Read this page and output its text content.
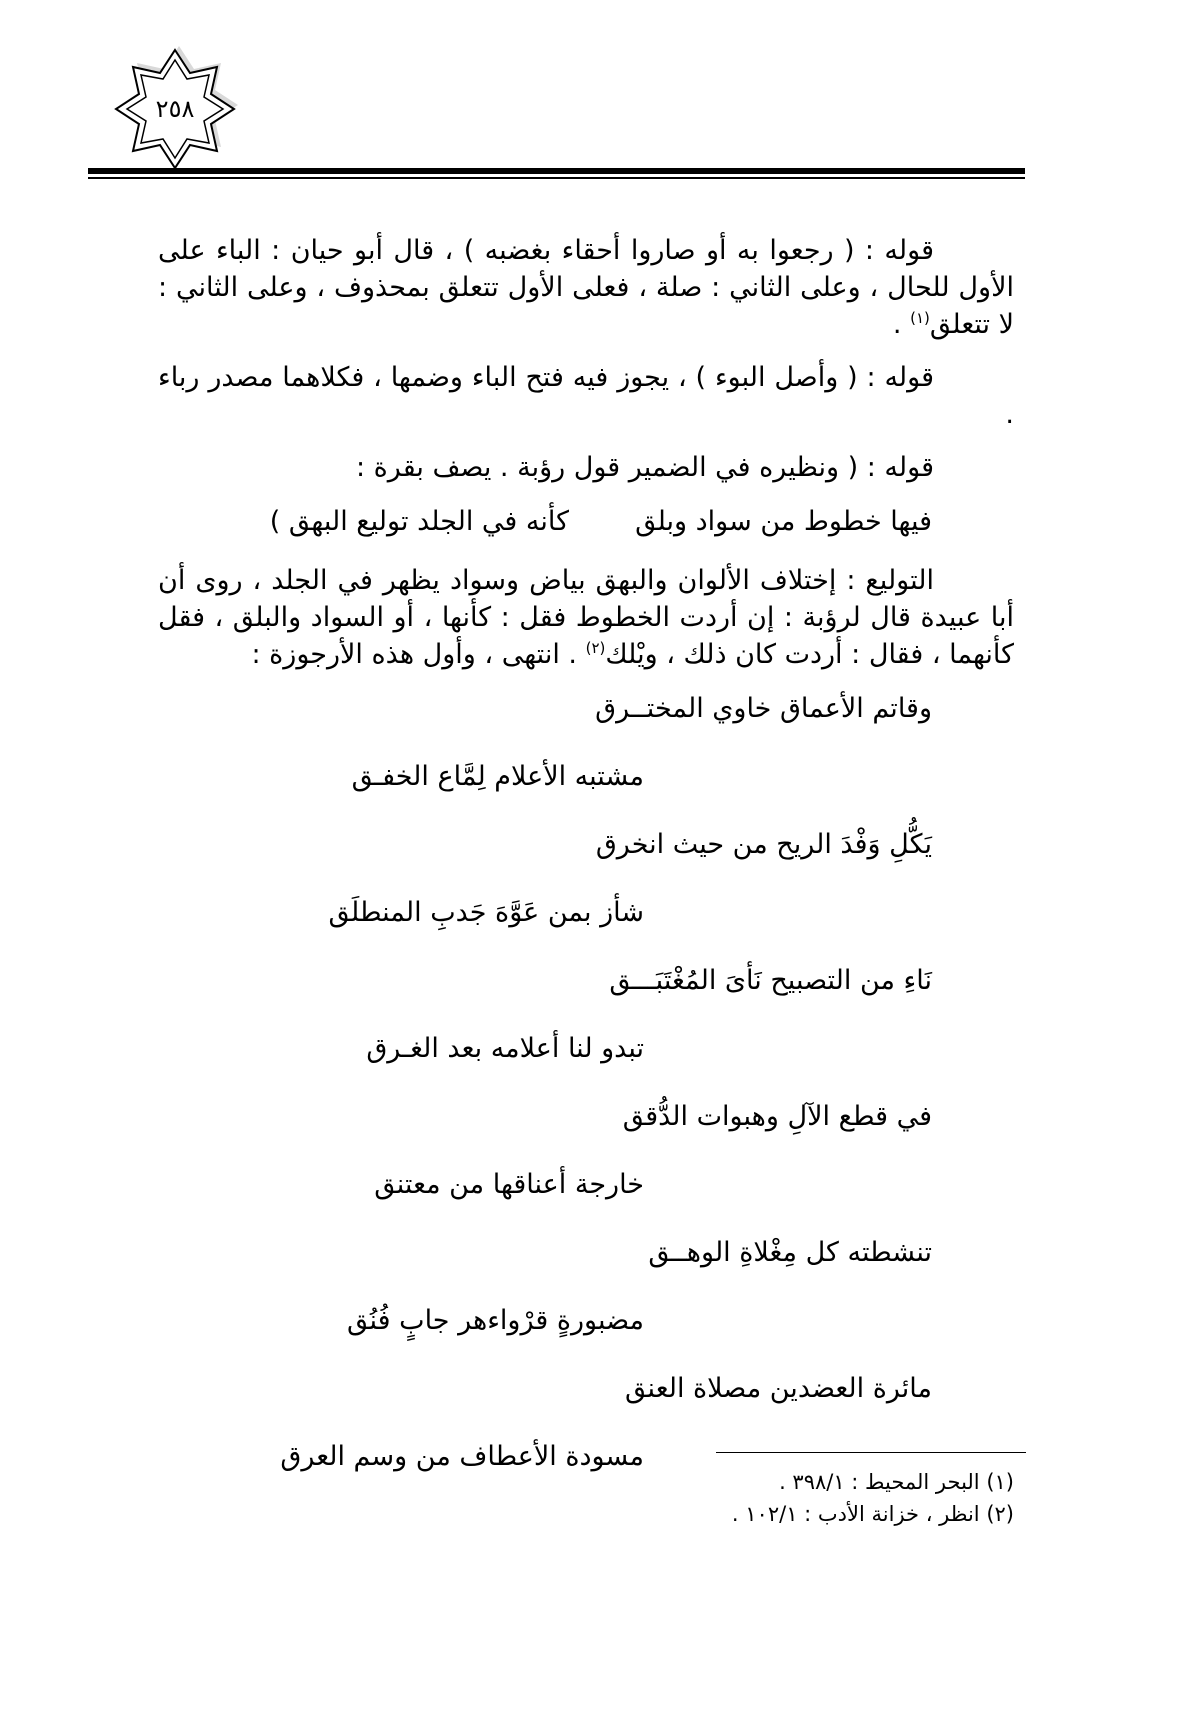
٢٥٨

قوله : ( رجعوا به أو صاروا أحقاء بغضبه ) ، قال أبو حيان : الباء على الأول للحال ، وعلى الثاني : صلة ، فعلى الأول تتعلق بمحذوف ، وعلى الثاني : لا تتعلق$^{(١)}$ .

قوله : ( وأصل البوء ) ، يجوز فيه فتح الباء وضمها ، فكلاهما مصدر رباء .

قوله : ( ونظيره في الضمير قول رؤبة . يصف بقرة :

فيها خطوط من سواد وبلق
كأنه في الجلد توليع البهق )

التوليع : إختلاف الألوان والبهق بياض وسواد يظهر في الجلد ، روى أن أبا عبيدة قال لرؤبة : إن أردت الخطوط فقل : كأنها ، أو السواد والبلق ، فقل كأنهما ، فقال : أردت كان ذلك ، ويْلك$^{(٢)}$ . انتهى ، وأول هذه الأرجوزة :

وقاتم الأعماق خاوي المختــرق
مشتبه الأعلام لِمَّاع الخفـق
يَكُّلِ وَفْدَ الريح من حيث انخرق
شأز بمن عَوَّهَ جَدبِ المنطلَق
نَاءِ من التصبيح نَأىَ المُغْتَبَـــق
تبدو لنا أعلامه بعد الغـرق
في قطع الآلِ وهبوات الدُّقق
خارجة أعناقها من معتنق
تنشطته كل مِغْلاةِ الوهــق
مضبورةٍ قرْواءهر جابٍ فُنُق
مائرة العضدين مصلاة العنق
مسودة الأعطاف من وسم العرق
(١) البحر المحيط : ٣٩٨/١ .
(٢) انظر ، خزانة الأدب : ١٠٢/١ .
